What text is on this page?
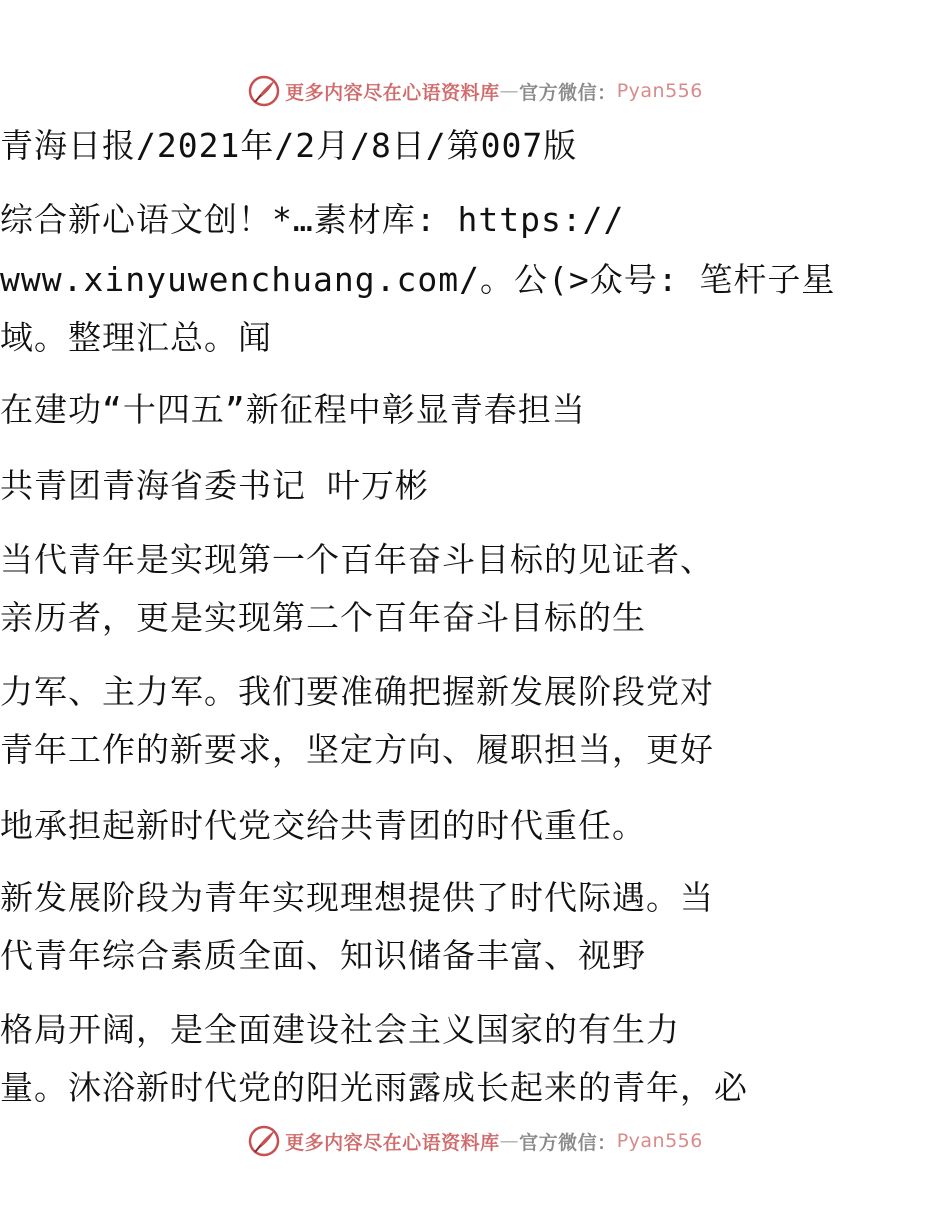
更多内容尽在心语资料库 — 官方微信： Pyan556
青海日报/2021年/2月/8日/第007版
综合新心语文创！*…素材库: https://
www.xinyuwenchuang.com/。公(>众号: 笔杆子星
域。整理汇总。闻
在建功“十四五”新征程中彰显青春担当
共青团青海省委书记 叶万彬
当代青年是实现第一个百年奋斗目标的见证者、
亲历者，更是实现第二个百年奋斗目标的生
力军、主力军。我们要准确把握新发展阶段党对
青年工作的新要求，坚定方向、履职担当，更好
地承担起新时代党交给共青团的时代重任。
新发展阶段为青年实现理想提供了时代际遇。当
代青年综合素质全面、知识储备丰富、视野
格局开阔，是全面建设社会主义国家的有生力
量。沐浴新时代党的阳光雨露成长起来的青年，必
更多内容尽在心语资料库 — 官方微信： Pyan556
